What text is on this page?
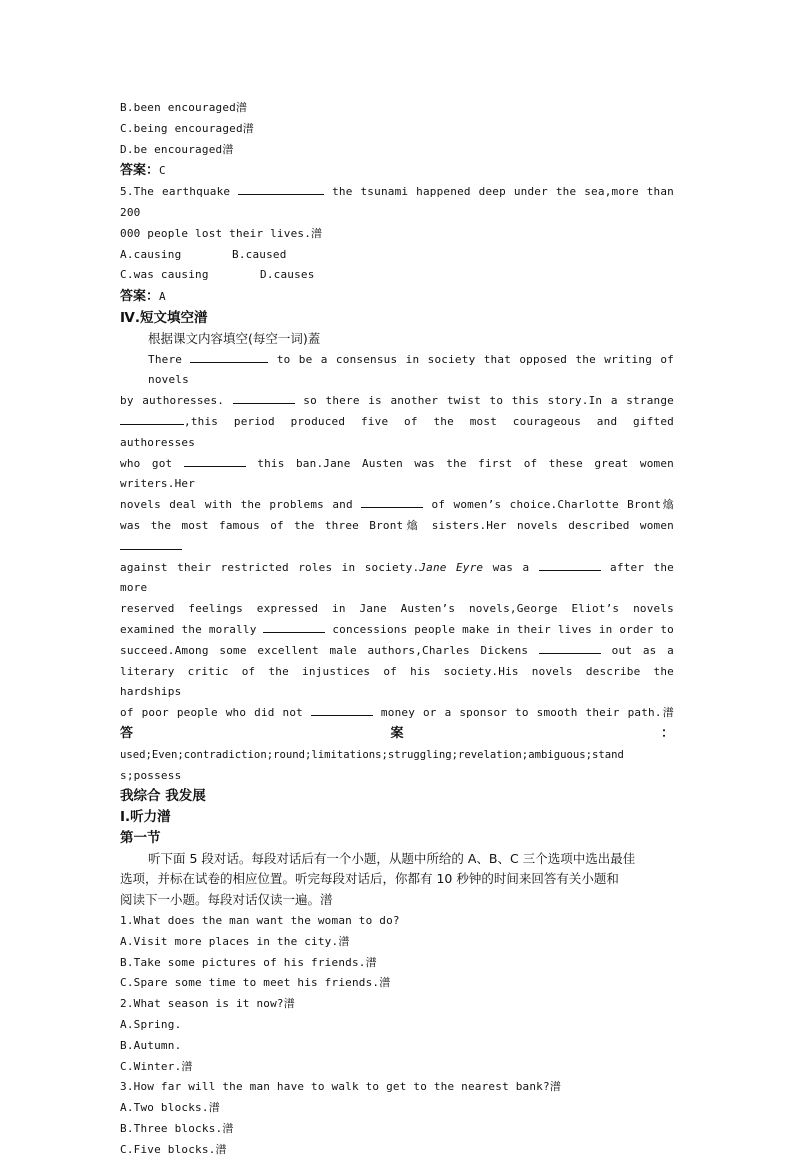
B.been encouraged潽
C.being encouraged潽
D.be encouraged潽
答案：C
5.The earthquake	the tsunami happened deep under the sea,more than 200
000 people lost their lives.潽
A.causing	B.caused
C.was causing	D.causes
答案：A
Ⅳ.短文填空潽
根据课文内容填空(每空一词)蓋
There	to be a consensus in society that opposed the writing of novels
by authoresses.	so there is another twist to this story.In a strange
,this period produced five of the most courageous and gifted authoresses
who got	this ban.Jane Austen was the first of these great women writers.Her
novels deal with the problems and	of women’s choice.Charlotte Bront熻
was the most famous of the three Bront熻 sisters.Her novels described women
against their restricted roles in society.Jane Eyre was a	after the more
reserved feelings expressed in Jane Austen’s novels,George Eliot’s novels
examined the morally	concessions people make in their lives in order to
succeed.Among some excellent male authors,Charles Dickens	out as a
literary critic of the injustices of his society.His novels describe the hardships
of poor people who did not	money or a sponsor to smooth their path.潽
答	案	：
used;Even;contradiction;round;limitations;struggling;revelation;ambiguous;stand
s;possess
我综合 我发展
Ⅰ.听力潽
第一节
听下面 5 段对话。每段对话后有一个小题，从题中所给的 A、B、C 三个选项中选出最佳
选项，并标在试卷的相应位置。听完每段对话后，你都有 10 秒钟的时间来回答有关小题和
阅读下一小题。每段对话仅读一遍。潽
1.What does the man want the woman to do?
A.Visit more places in the city.潽
B.Take some pictures of his friends.潽
C.Spare some time to meet his friends.潽
2.What season is it now?潽
A.Spring.
B.Autumn.
C.Winter.潽
3.How far will the man have to walk to get to the nearest bank?潽
A.Two blocks.潽
B.Three blocks.潽
C.Five blocks.潽
